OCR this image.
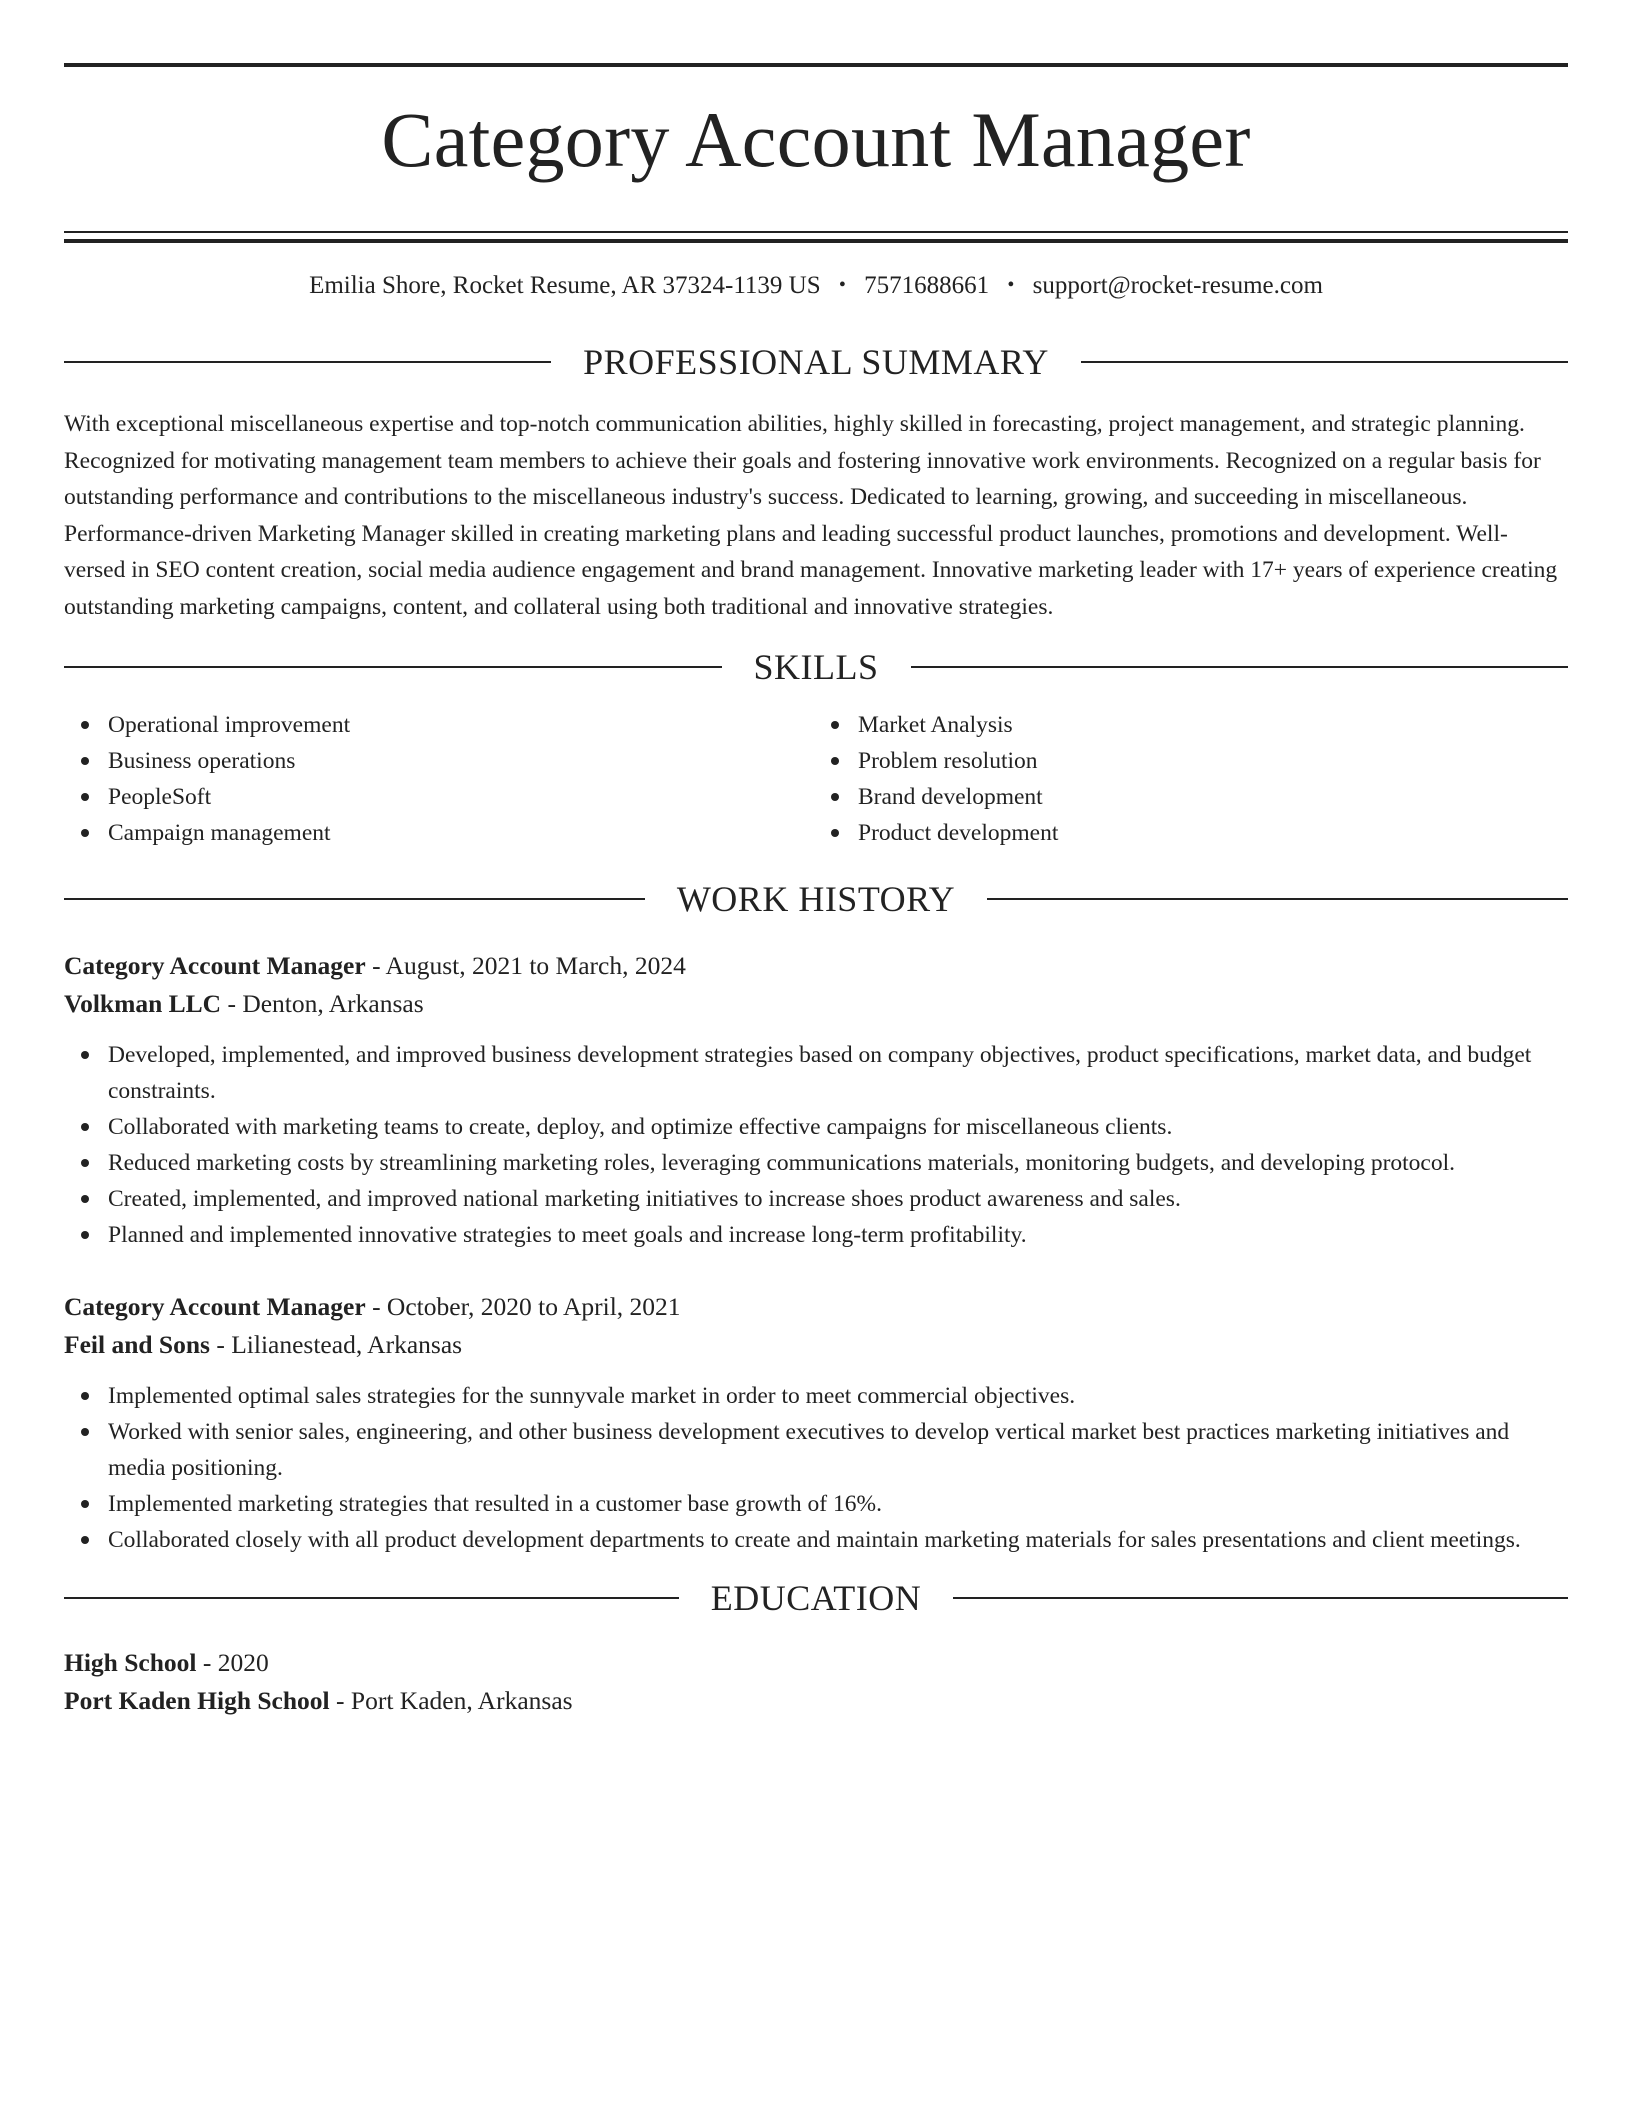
Category Account Manager
Emilia Shore, Rocket Resume, AR 37324-1139 US • 7571688661 • support@rocket-resume.com
PROFESSIONAL SUMMARY

With exceptional miscellaneous expertise and top-notch communication abilities, highly skilled in forecasting, project management, and strategic planning. Recognized for motivating management team members to achieve their goals and fostering innovative work environments. Recognized on a regular basis for outstanding performance and contributions to the miscellaneous industry's success. Dedicated to learning, growing, and succeeding in miscellaneous. Performance-driven Marketing Manager skilled in creating marketing plans and leading successful product launches, promotions and development. Well-versed in SEO content creation, social media audience engagement and brand management. Innovative marketing leader with 17+ years of experience creating outstanding marketing campaigns, content, and collateral using both traditional and innovative strategies.

SKILLS
Operational improvement
Business operations
PeopleSoft
Campaign management
Market Analysis
Problem resolution
Brand development
Product development
WORK HISTORY
Category Account Manager - August, 2021 to March, 2024
Volkman LLC - Denton, Arkansas
Developed, implemented, and improved business development strategies based on company objectives, product specifications, market data, and budget constraints.
Collaborated with marketing teams to create, deploy, and optimize effective campaigns for miscellaneous clients.
Reduced marketing costs by streamlining marketing roles, leveraging communications materials, monitoring budgets, and developing protocol.
Created, implemented, and improved national marketing initiatives to increase shoes product awareness and sales.
Planned and implemented innovative strategies to meet goals and increase long-term profitability.
Category Account Manager - October, 2020 to April, 2021
Feil and Sons - Lilianestead, Arkansas
Implemented optimal sales strategies for the sunnyvale market in order to meet commercial objectives.
Worked with senior sales, engineering, and other business development executives to develop vertical market best practices marketing initiatives and media positioning.
Implemented marketing strategies that resulted in a customer base growth of 16%.
Collaborated closely with all product development departments to create and maintain marketing materials for sales presentations and client meetings.
EDUCATION
High School - 2020
Port Kaden High School - Port Kaden, Arkansas
